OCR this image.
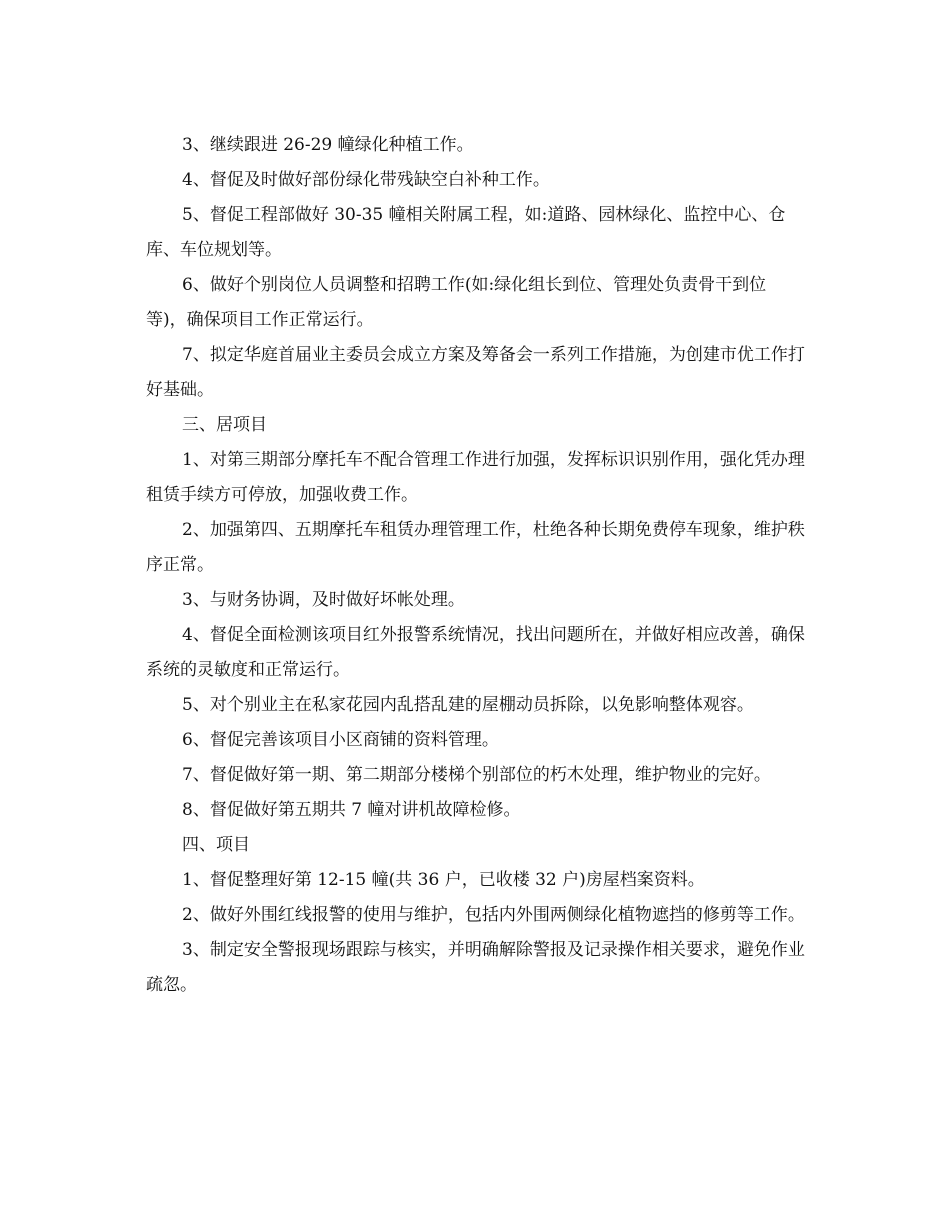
3、继续跟进 26-29 幢绿化种植工作。

4、督促及时做好部份绿化带残缺空白补种工作。

5、督促工程部做好 30-35 幢相关附属工程，如:道路、园林绿化、监控中心、仓库、车位规划等。

6、做好个别岗位人员调整和招聘工作(如:绿化组长到位、管理处负责骨干到位等)，确保项目工作正常运行。

7、拟定华庭首届业主委员会成立方案及筹备会一系列工作措施，为创建市优工作打好基础。

三、居项目

1、对第三期部分摩托车不配合管理工作进行加强，发挥标识识别作用，强化凭办理租赁手续方可停放，加强收费工作。

2、加强第四、五期摩托车租赁办理管理工作，杜绝各种长期免费停车现象，维护秩序正常。

3、与财务协调，及时做好坏帐处理。

4、督促全面检测该项目红外报警系统情况，找出问题所在，并做好相应改善，确保系统的灵敏度和正常运行。

5、对个别业主在私家花园内乱搭乱建的屋棚动员拆除，以免影响整体观容。

6、督促完善该项目小区商铺的资料管理。

7、督促做好第一期、第二期部分楼梯个别部位的朽木处理，维护物业的完好。

8、督促做好第五期共 7 幢对讲机故障检修。

四、项目

1、督促整理好第 12-15 幢(共 36 户，已收楼 32 户)房屋档案资料。

2、做好外围红线报警的使用与维护，包括内外围两侧绿化植物遮挡的修剪等工作。

3、制定安全警报现场跟踪与核实，并明确解除警报及记录操作相关要求，避免作业疏忽。
